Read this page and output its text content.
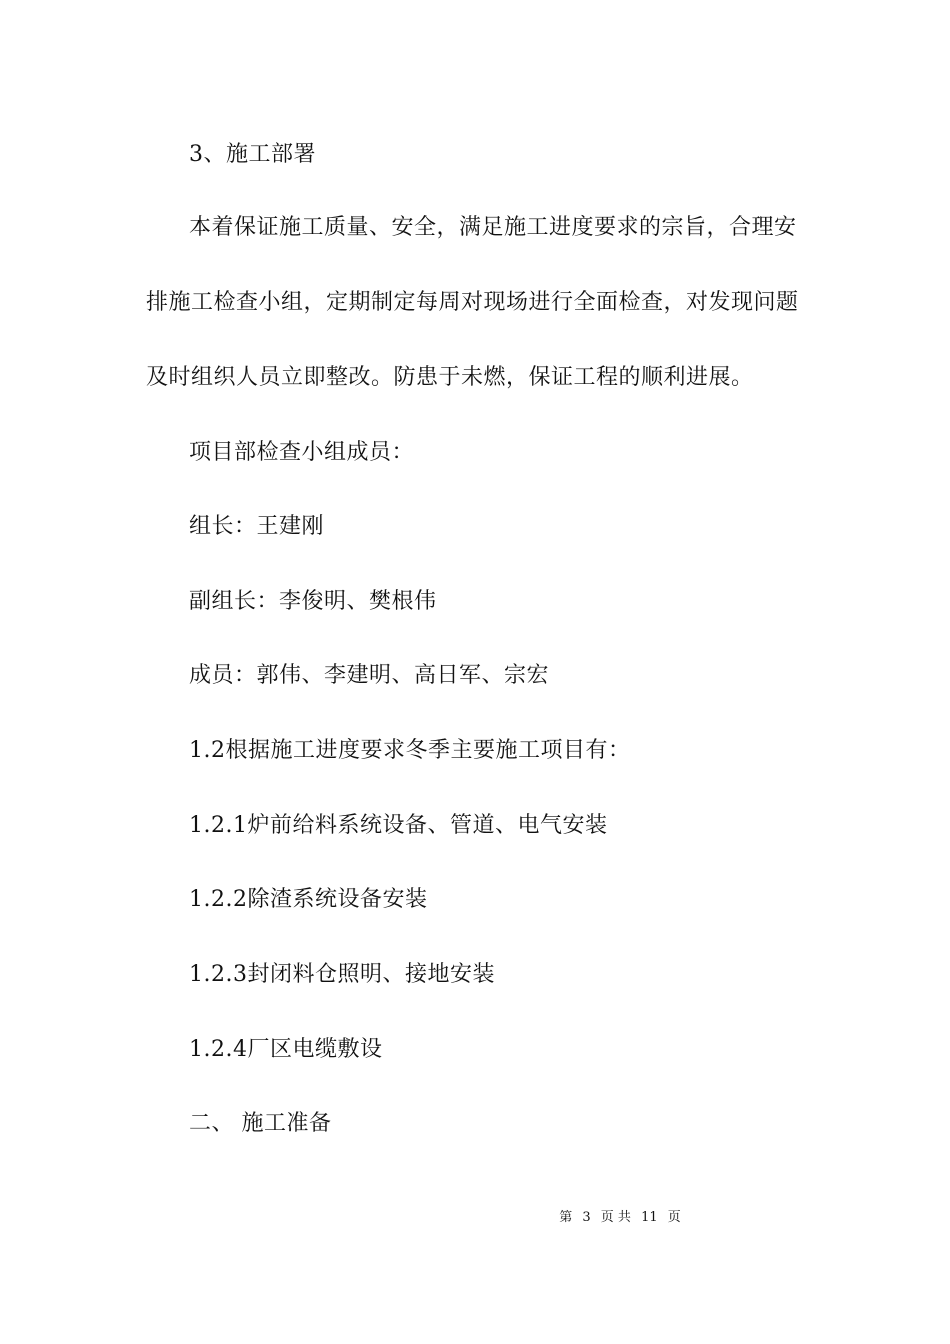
3、施工部署
本着保证施工质量、安全，满足施工进度要求的宗旨，合理安
排施工检查小组，定期制定每周对现场进行全面检查，对发现问题
及时组织人员立即整改。防患于未燃，保证工程的顺利进展。
项目部检查小组成员：
组长：王建刚
副组长：李俊明、樊根伟
成员：郭伟、李建明、高日军、宗宏
1.2根据施工进度要求冬季主要施工项目有：
1.2.1炉前给料系统设备、管道、电气安装
1.2.2除渣系统设备安装
1.2.3封闭料仓照明、接地安装
1.2.4厂区电缆敷设
二、 施工准备
第 3 页 共 11 页
